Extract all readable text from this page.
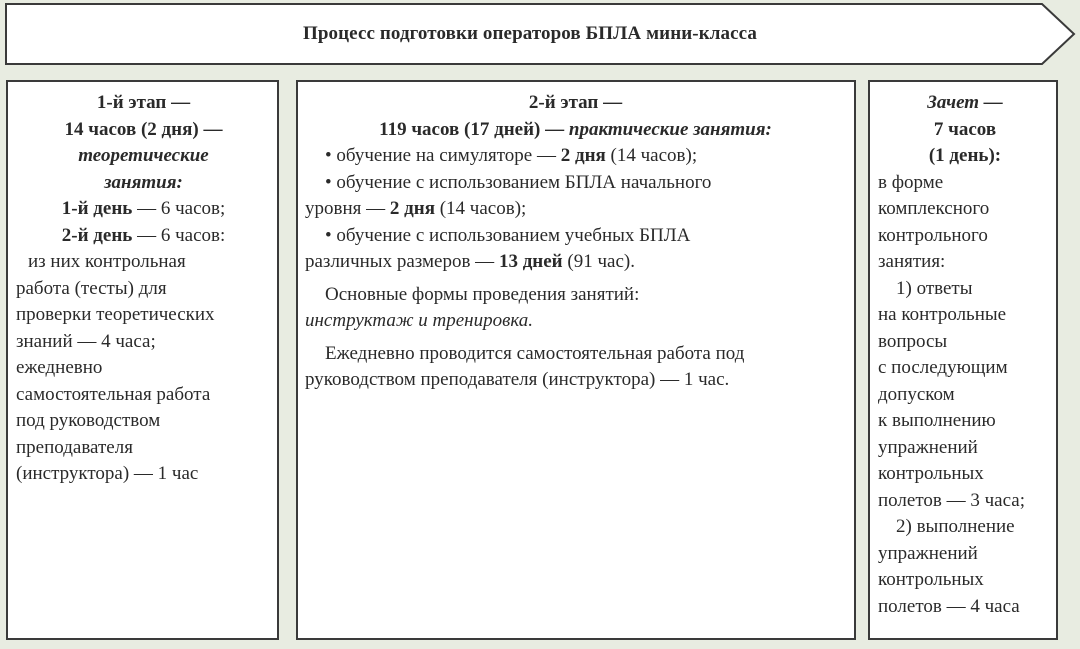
Процесс подготовки операторов БПЛА мини-класса

1-й этап —

14 часов (2 дня) —

теоретические

занятия:

1-й день — 6 часов;

2-й день — 6 часов:

из них контрольная

работа (тесты) для

проверки теоретических

знаний — 4 часа;

ежедневно

самостоятельная работа

под руководством

преподавателя

(инструктора) — 1 час

2-й этап —

119 часов (17 дней) — практические занятия:

• обучение на симуляторе — 2 дня (14 часов);

• обучение с использованием БПЛА начального

уровня — 2 дня (14 часов);

• обучение с использованием учебных БПЛА

различных размеров — 13 дней (91 час).

Основные формы проведения занятий:

инструктаж и тренировка.

Ежедневно проводится самостоятельная работа под

руководством преподавателя (инструктора) — 1 час.

Зачет —

7 часов

(1 день):

в форме

комплексного

контрольного

занятия:

1) ответы

на контрольные

вопросы

с последующим

допуском

к выполнению

упражнений

контрольных

полетов — 3 часа;

2) выполнение

упражнений

контрольных

полетов — 4 часа
